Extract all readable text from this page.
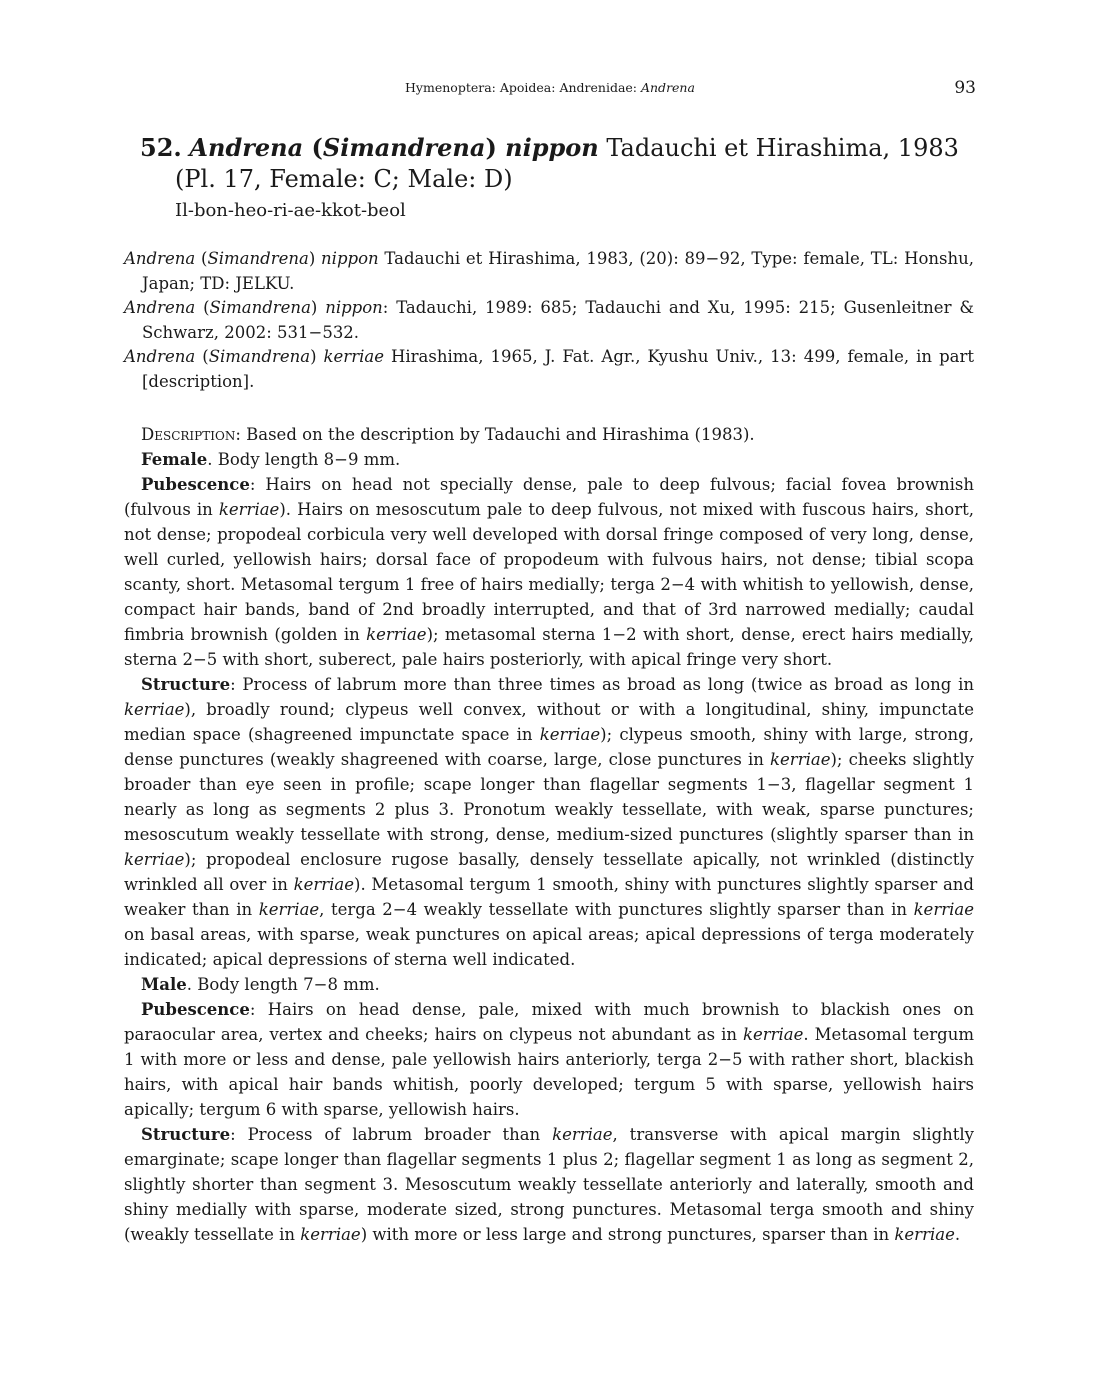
Hymenoptera: Apoidea: Andrenidae: Andrena	93
52. Andrena (Simandrena) nippon Tadauchi et Hirashima, 1983
(Pl. 17, Female: C; Male: D)
Il-bon-heo-ri-ae-kkot-beol

Andrena (Simandrena) nippon Tadauchi et Hirashima, 1983, (20): 89−92, Type: female, TL: Honshu, Japan; TD: JELKU.

Andrena (Simandrena) nippon: Tadauchi, 1989: 685; Tadauchi and Xu, 1995: 215; Gusenleitner & Schwarz, 2002: 531−532.

Andrena (Simandrena) kerriae Hirashima, 1965, J. Fat. Agr., Kyushu Univ., 13: 499, female, in part [description].

Description: Based on the description by Tadauchi and Hirashima (1983).

Female. Body length 8−9 mm.

Pubescence: Hairs on head not specially dense, pale to deep fulvous; facial fovea brownish (fulvous in kerriae). Hairs on mesoscutum pale to deep fulvous, not mixed with fuscous hairs, short, not dense; propodeal corbicula very well developed with dorsal fringe composed of very long, dense, well curled, yellowish hairs; dorsal face of propodeum with fulvous hairs, not dense; tibial scopa scanty, short. Metasomal tergum 1 free of hairs medially; terga 2−4 with whitish to yellowish, dense, compact hair bands, band of 2nd broadly interrupted, and that of 3rd narrowed medially; caudal fimbria brownish (golden in kerriae); metasomal sterna 1−2 with short, dense, erect hairs medially, sterna 2−5 with short, suberect, pale hairs posteriorly, with apical fringe very short.

Structure: Process of labrum more than three times as broad as long (twice as broad as long in kerriae), broadly round; clypeus well convex, without or with a longitudinal, shiny, impunctate median space (shagreened impunctate space in kerriae); clypeus smooth, shiny with large, strong, dense punctures (weakly shagreened with coarse, large, close punctures in kerriae); cheeks slightly broader than eye seen in profile; scape longer than flagellar segments 1−3, flagellar segment 1 nearly as long as segments 2 plus 3. Pronotum weakly tessellate, with weak, sparse punctures; mesoscutum weakly tessellate with strong, dense, medium-sized punctures (slightly sparser than in kerriae); propodeal enclosure rugose basally, densely tessellate apically, not wrinkled (distinctly wrinkled all over in kerriae). Metasomal tergum 1 smooth, shiny with punctures slightly sparser and weaker than in kerriae, terga 2−4 weakly tessellate with punctures slightly sparser than in kerriae on basal areas, with sparse, weak punctures on apical areas; apical depressions of terga moderately indicated; apical depressions of sterna well indicated.

Male. Body length 7−8 mm.

Pubescence: Hairs on head dense, pale, mixed with much brownish to blackish ones on paraocular area, vertex and cheeks; hairs on clypeus not abundant as in kerriae. Metasomal tergum 1 with more or less and dense, pale yellowish hairs anteriorly, terga 2−5 with rather short, blackish hairs, with apical hair bands whitish, poorly developed; tergum 5 with sparse, yellowish hairs apically; tergum 6 with sparse, yellowish hairs.

Structure: Process of labrum broader than kerriae, transverse with apical margin slightly emarginate; scape longer than flagellar segments 1 plus 2; flagellar segment 1 as long as segment 2, slightly shorter than segment 3. Mesoscutum weakly tessellate anteriorly and laterally, smooth and shiny medially with sparse, moderate sized, strong punctures. Metasomal terga smooth and shiny (weakly tessellate in kerriae) with more or less large and strong punctures, sparser than in kerriae.
